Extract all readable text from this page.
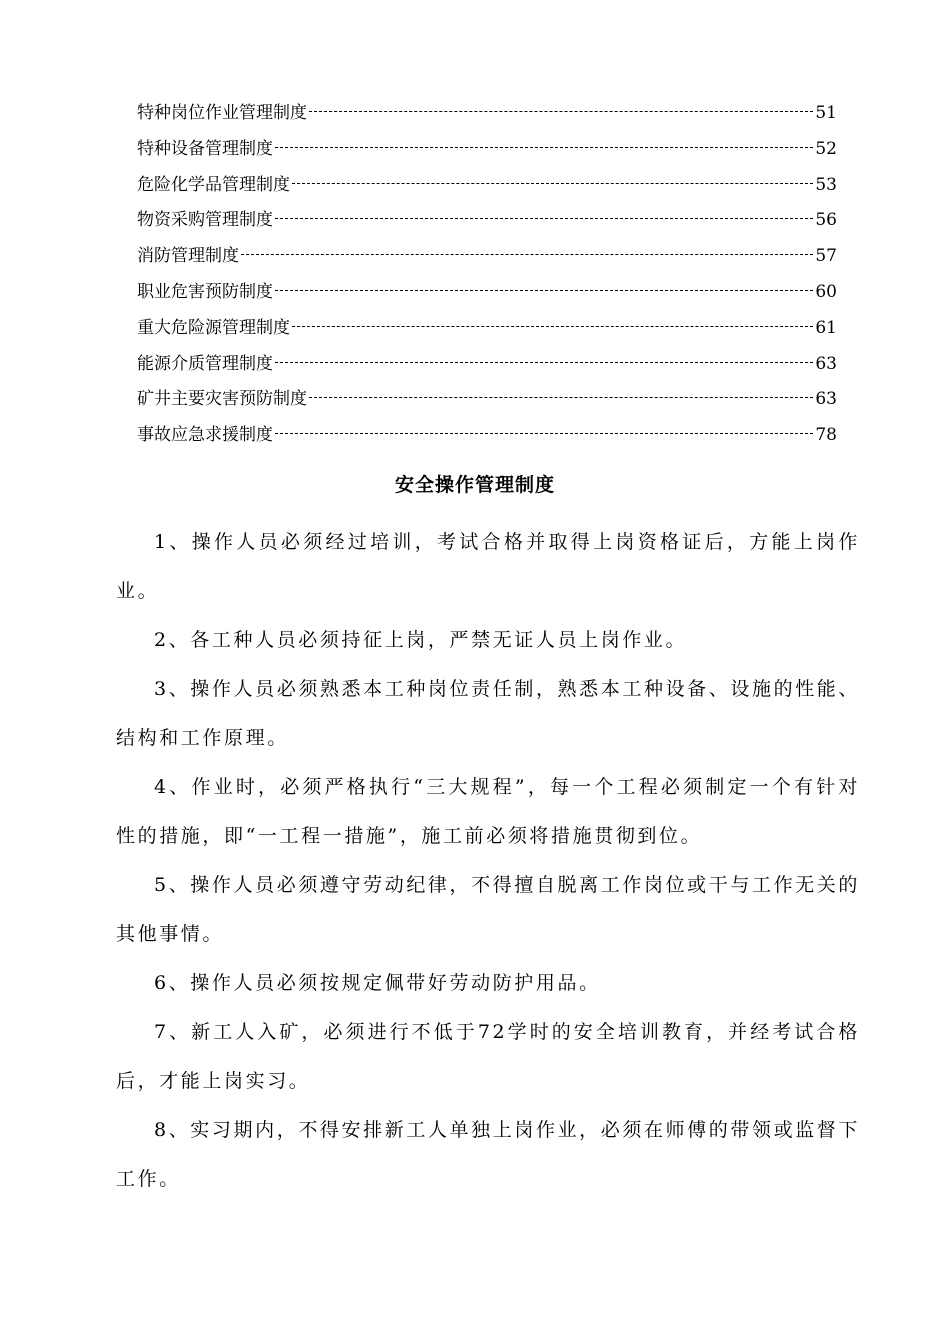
特种岗位作业管理制度	51
特种设备管理制度	52
危险化学品管理制度	53
物资采购管理制度	56
消防管理制度	57
职业危害预防制度	60
重大危险源管理制度	61
能源介质管理制度	63
矿井主要灾害预防制度	63
事故应急求援制度	78
安全操作管理制度

1、操作人员必须经过培训，考试合格并取得上岗资格证后，方能上岗作业。

2、各工种人员必须持征上岗，严禁无证人员上岗作业。

3、操作人员必须熟悉本工种岗位责任制，熟悉本工种设备、设施的性能、结构和工作原理。

4、作业时，必须严格执行“三大规程”，每一个工程必须制定一个有针对性的措施，即“一工程一措施”，施工前必须将措施贯彻到位。

5、操作人员必须遵守劳动纪律，不得擅自脱离工作岗位或干与工作无关的其他事情。

6、操作人员必须按规定佩带好劳动防护用品。

7、新工人入矿，必须进行不低于72学时的安全培训教育，并经考试合格后，才能上岗实习。

8、实习期内，不得安排新工人单独上岗作业，必须在师傅的带领或监督下工作。
